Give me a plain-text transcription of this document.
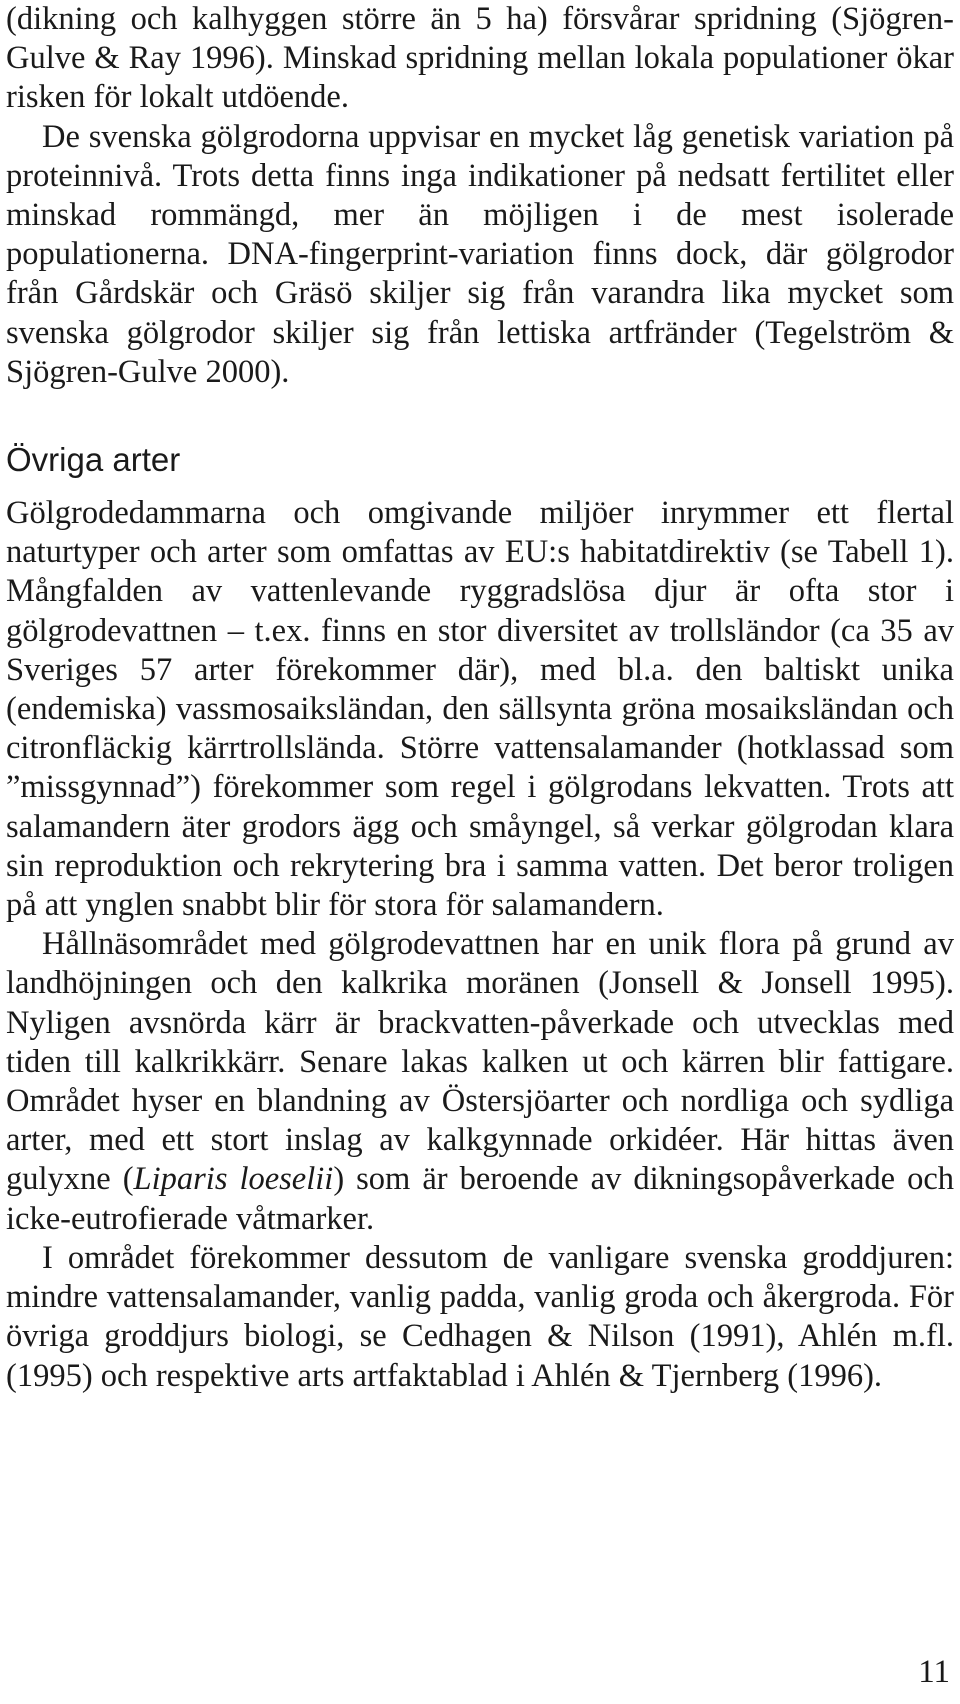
(dikning och kalhyggen större än 5 ha) försvårar spridning (Sjögren-Gulve & Ray 1996). Minskad spridning mellan lokala populationer ökar risken för lokalt utdöende.

De svenska gölgrodorna uppvisar en mycket låg genetisk variation på proteinnivå. Trots detta finns inga indikationer på nedsatt fertilitet eller minskad rommängd, mer än möjligen i de mest isolerade populationerna. DNA-fingerprint-variation finns dock, där gölgrodor från Gårdskär och Gräsö skiljer sig från varandra lika mycket som svenska gölgrodor skiljer sig från lettiska artfränder (Tegelström & Sjögren-Gulve 2000).

Övriga arter

Gölgrodedammarna och omgivande miljöer inrymmer ett flertal naturtyper och arter som omfattas av EU:s habitatdirektiv (se Tabell 1). Mångfalden av vattenlevande ryggradslösa djur är ofta stor i gölgrodevattnen – t.ex. finns en stor diversitet av trollsländor (ca 35 av Sveriges 57 arter förekommer där), med bl.a. den baltiskt unika (endemiska) vassmosaiksländan, den sällsynta gröna mosaiksländan och citronfläckig kärrtrollslända. Större vattensalamander (hotklassad som ”missgynnad”) förekommer som regel i gölgrodans lekvatten. Trots att salamandern äter grodors ägg och småyngel, så verkar gölgrodan klara sin reproduktion och rekrytering bra i samma vatten. Det beror troligen på att ynglen snabbt blir för stora för salamandern.

Hållnäsområdet med gölgrodevattnen har en unik flora på grund av landhöjningen och den kalkrika moränen (Jonsell & Jonsell 1995). Nyligen avsnörda kärr är brackvatten-påverkade och utvecklas med tiden till kalkrikkärr. Senare lakas kalken ut och kärren blir fattigare. Området hyser en blandning av Östersjöarter och nordliga och sydliga arter, med ett stort inslag av kalkgynnade orkidéer. Här hittas även gulyxne (Liparis loeselii) som är beroende av dikningsopåverkade och icke-eutrofierade våtmarker.

I området förekommer dessutom de vanligare svenska groddjuren: mindre vattensalamander, vanlig padda, vanlig groda och åkergroda. För övriga groddjurs biologi, se Cedhagen & Nilson (1991), Ahlén m.fl. (1995) och respektive arts artfaktablad i Ahlén & Tjernberg (1996).

11
